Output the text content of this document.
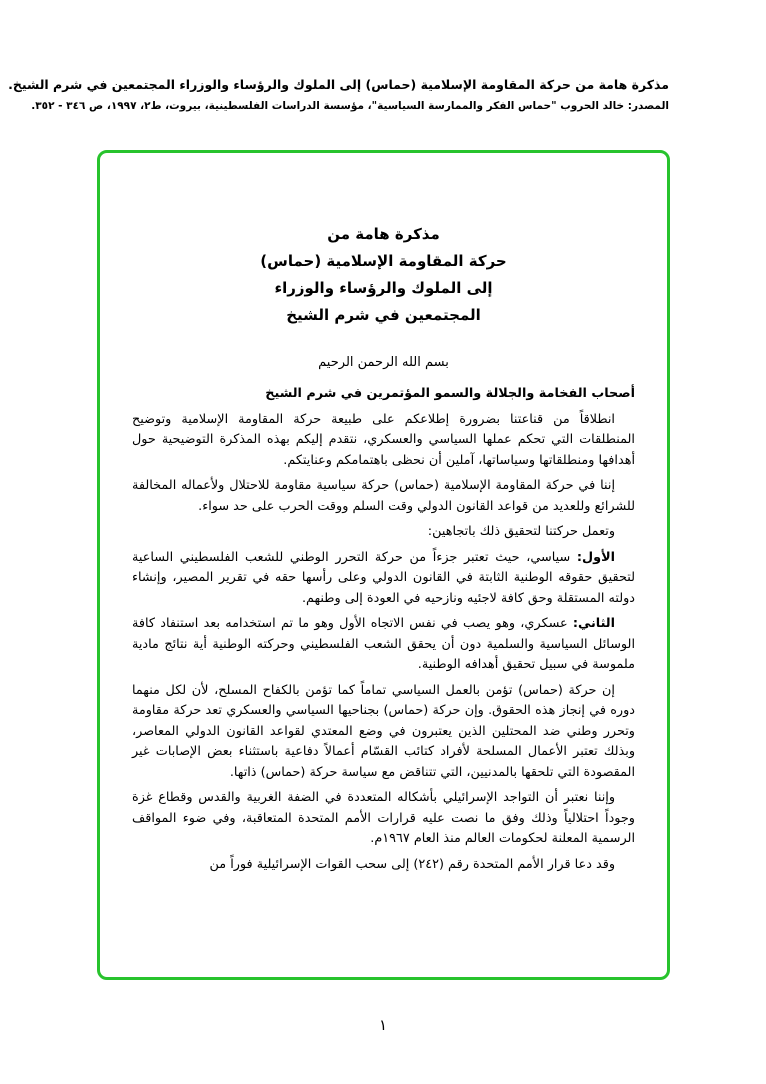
مذكرة هامة من حركة المقاومة الإسلامية (حماس) إلى الملوك والرؤساء والوزراء المجتمعين في شرم الشيخ.
المصدر: خالد الحروب "حماس الفكر والممارسة السياسية"، مؤسسة الدراسات الفلسطينية، بيروت، ط٢، ١٩٩٧، ص ٣٤٦ - ٣٥٢.
مذكرة هامة من
حركة المقاومة الإسلامية (حماس)
إلى الملوك والرؤساء والوزراء
المجتمعين في شرم الشيخ
بسم الله الرحمن الرحيم

أصحاب الفخامة والجلالة والسمو المؤتمرين في شرم الشيخ

انطلاقاً من قناعتنا بضرورة إطلاعكم على طبيعة حركة المقاومة الإسلامية وتوضيح المنطلقات التي تحكم عملها السياسي والعسكري، نتقدم إليكم بهذه المذكرة التوضيحية حول أهدافها ومنطلقاتها وسياساتها، آملين أن نحظى باهتمامكم وعنايتكم.

إننا في حركة المقاومة الإسلامية (حماس) حركة سياسية مقاومة للاحتلال ولأعماله المخالفة للشرائع وللعديد من قواعد القانون الدولي وقت السلم ووقت الحرب على حد سواء.

وتعمل حركتنا لتحقيق ذلك باتجاهين:

الأول: سياسي، حيث تعتبر جزءاً من حركة التحرر الوطني للشعب الفلسطيني الساعية لتحقيق حقوقه الوطنية الثابتة في القانون الدولي وعلى رأسها حقه في تقرير المصير، وإنشاء دولته المستقلة وحق كافة لاجئيه ونازحيه في العودة إلى وطنهم.

الثاني: عسكري، وهو يصب في نفس الاتجاه الأول وهو ما تم استخدامه بعد استنفاد كافة الوسائل السياسية والسلمية دون أن يحقق الشعب الفلسطيني وحركته الوطنية أية نتائج مادية ملموسة في سبيل تحقيق أهدافه الوطنية.

إن حركة (حماس) تؤمن بالعمل السياسي تماماً كما تؤمن بالكفاح المسلح، لأن لكل منهما دوره في إنجاز هذه الحقوق. وإن حركة (حماس) بجناحيها السياسي والعسكري تعد حركة مقاومة وتحرر وطني ضد المحتلين الذين يعتبرون في وضع المعتدي لقواعد القانون الدولي المعاصر، وبذلك تعتبر الأعمال المسلحة لأفراد كتائب القسّام أعمالاً دفاعية باستثناء بعض الإصابات غير المقصودة التي تلحقها بالمدنيين، التي تتناقض مع سياسة حركة (حماس) ذاتها.

وإننا نعتبر أن التواجد الإسرائيلي بأشكاله المتعددة في الضفة الغربية والقدس وقطاع غزة وجوداً احتلالياً وذلك وفق ما نصت عليه قرارات الأمم المتحدة المتعاقبة، وفي ضوء المواقف الرسمية المعلنة لحكومات العالم منذ العام ١٩٦٧م.

وقد دعا قرار الأمم المتحدة رقم (٢٤٢) إلى سحب القوات الإسرائيلية فوراً من

١
